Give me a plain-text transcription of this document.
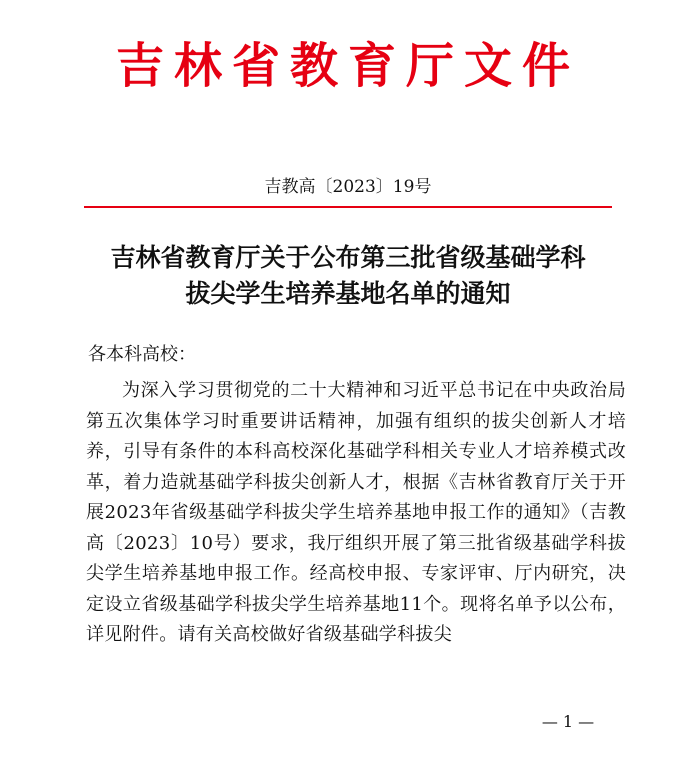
吉林省教育厅文件
吉教高〔2023〕19号
吉林省教育厅关于公布第三批省级基础学科
拔尖学生培养基地名单的通知
各本科高校：
为深入学习贯彻党的二十大精神和习近平总书记在中央政治局第五次集体学习时重要讲话精神，加强有组织的拔尖创新人才培养，引导有条件的本科高校深化基础学科相关专业人才培养模式改革，着力造就基础学科拔尖创新人才，根据《吉林省教育厅关于开展2023年省级基础学科拔尖学生培养基地申报工作的通知》（吉教高〔2023〕10号）要求，我厅组织开展了第三批省级基础学科拔尖学生培养基地申报工作。经高校申报、专家评审、厅内研究，决定设立省级基础学科拔尖学生培养基地11个。现将名单予以公布，详见附件。请有关高校做好省级基础学科拔尖
— 1 —
